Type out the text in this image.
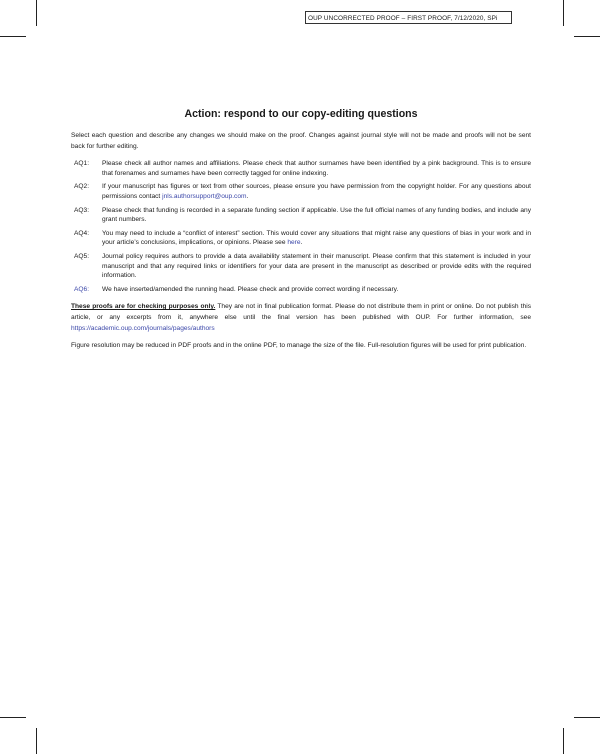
OUP UNCORRECTED PROOF – FIRST PROOF, 7/12/2020, SPi
Action: respond to our copy-editing questions

Select each question and describe any changes we should make on the proof. Changes against journal style will not be made and proofs will not be sent back for further editing.

AQ1:	Please check all author names and affiliations. Please check that author surnames have been identified by a pink background. This is to ensure that forenames and surnames have been correctly tagged for online indexing.
AQ2:	If your manuscript has figures or text from other sources, please ensure you have permission from the copyright holder. For any questions about permissions contact jnls.authorsupport@oup.com.
AQ3:	Please check that funding is recorded in a separate funding section if applicable. Use the full official names of any funding bodies, and include any grant numbers.
AQ4:	You may need to include a “conflict of interest” section. This would cover any situations that might raise any questions of bias in your work and in your article’s conclusions, implications, or opinions. Please see here.
AQ5:	Journal policy requires authors to provide a data availability statement in their manuscript. Please confirm that this statement is included in your manuscript and that any required links or identifiers for your data are present in the manuscript as described or provide edits with the required information.
AQ6:	We have inserted/amended the running head. Please check and provide correct wording if necessary.

These proofs are for checking purposes only. They are not in final publication format. Please do not distribute them in print or online. Do not publish this article, or any excerpts from it, anywhere else until the final version has been published with OUP. For further information, see https://academic.oup.com/journals/pages/authors

Figure resolution may be reduced in PDF proofs and in the online PDF, to manage the size of the file. Full-resolution figures will be used for print publication.
